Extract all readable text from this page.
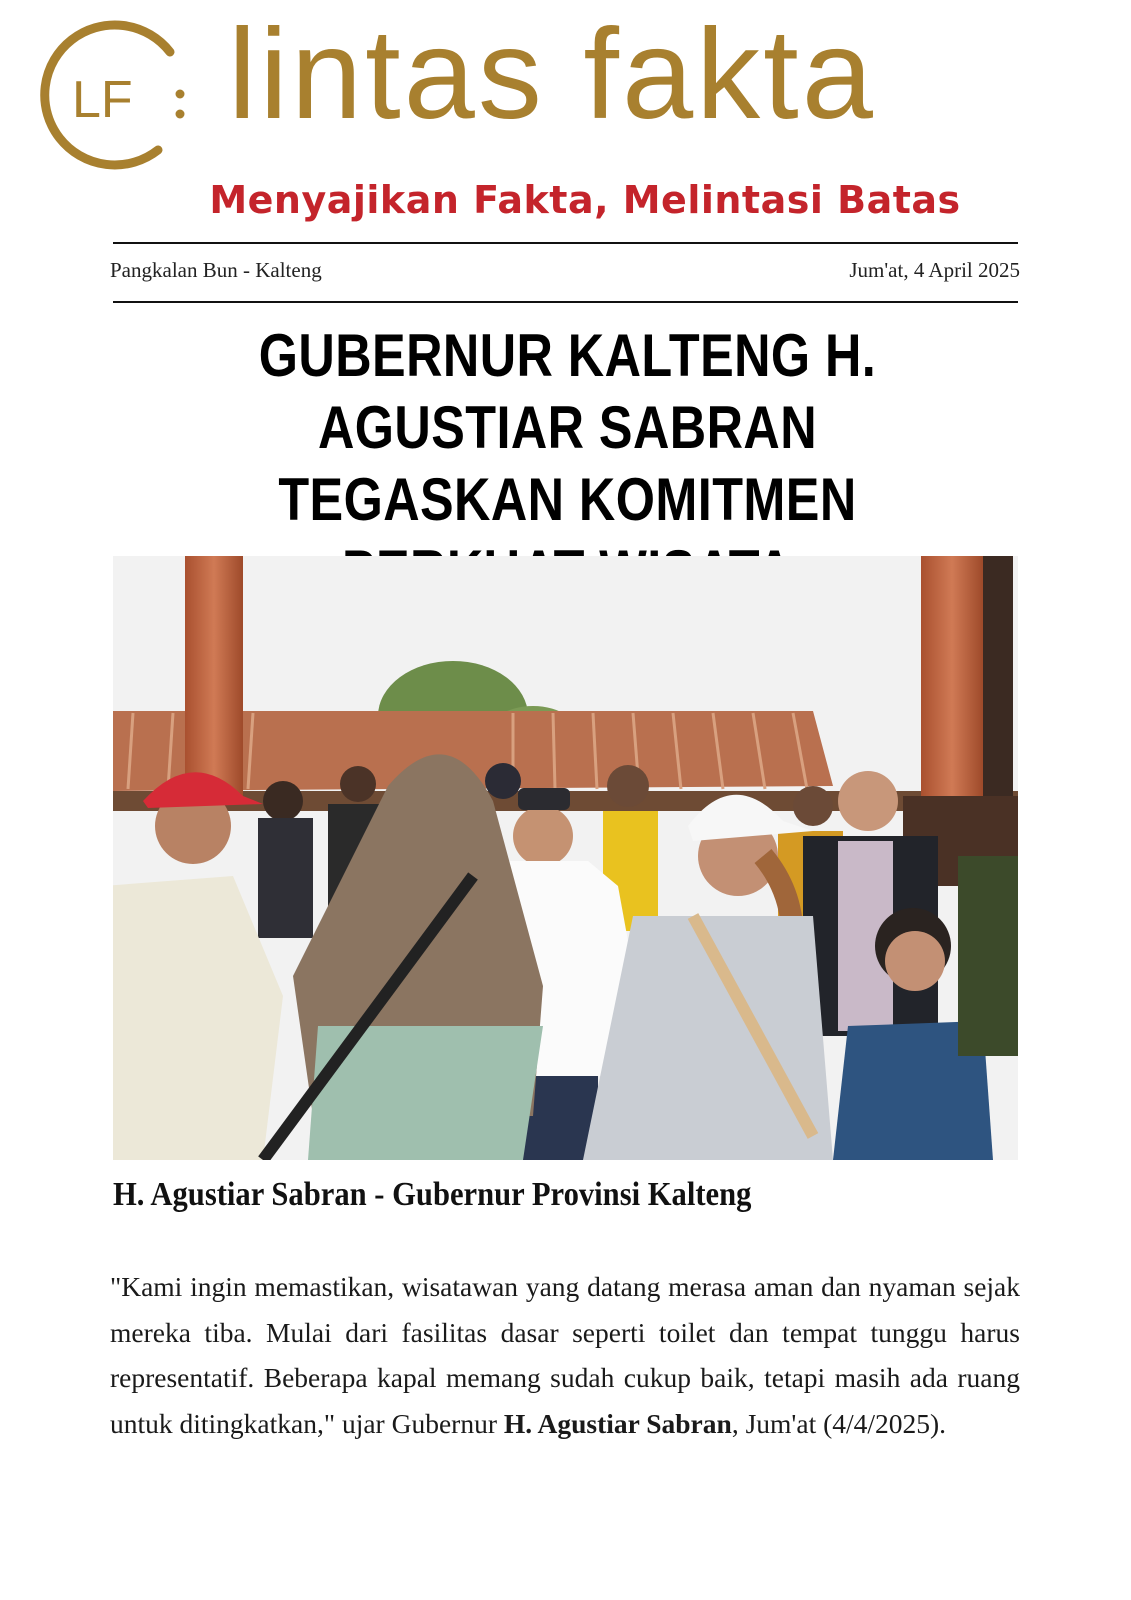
LF lintas fakta
Menyajikan Fakta, Melintasi Batas
Pangkalan Bun - Kalteng	Jum'at, 4 April 2025
GUBERNUR KALTENG H. AGUSTIAR SABRAN
TEGASKAN KOMITMEN
H. Agustiar Sabran - Gubernur Provinsi Kalteng

"Kami ingin memastikan, wisatawan yang datang merasa aman dan nyaman sejak mereka tiba. Mulai dari fasilitas dasar seperti toilet dan tempat tunggu harus representatif. Beberapa kapal memang sudah cukup baik, tetapi masih ada ruang untuk ditingkatkan," ujar Gubernur H. Agustiar Sabran, Jum'at (4/4/2025).
